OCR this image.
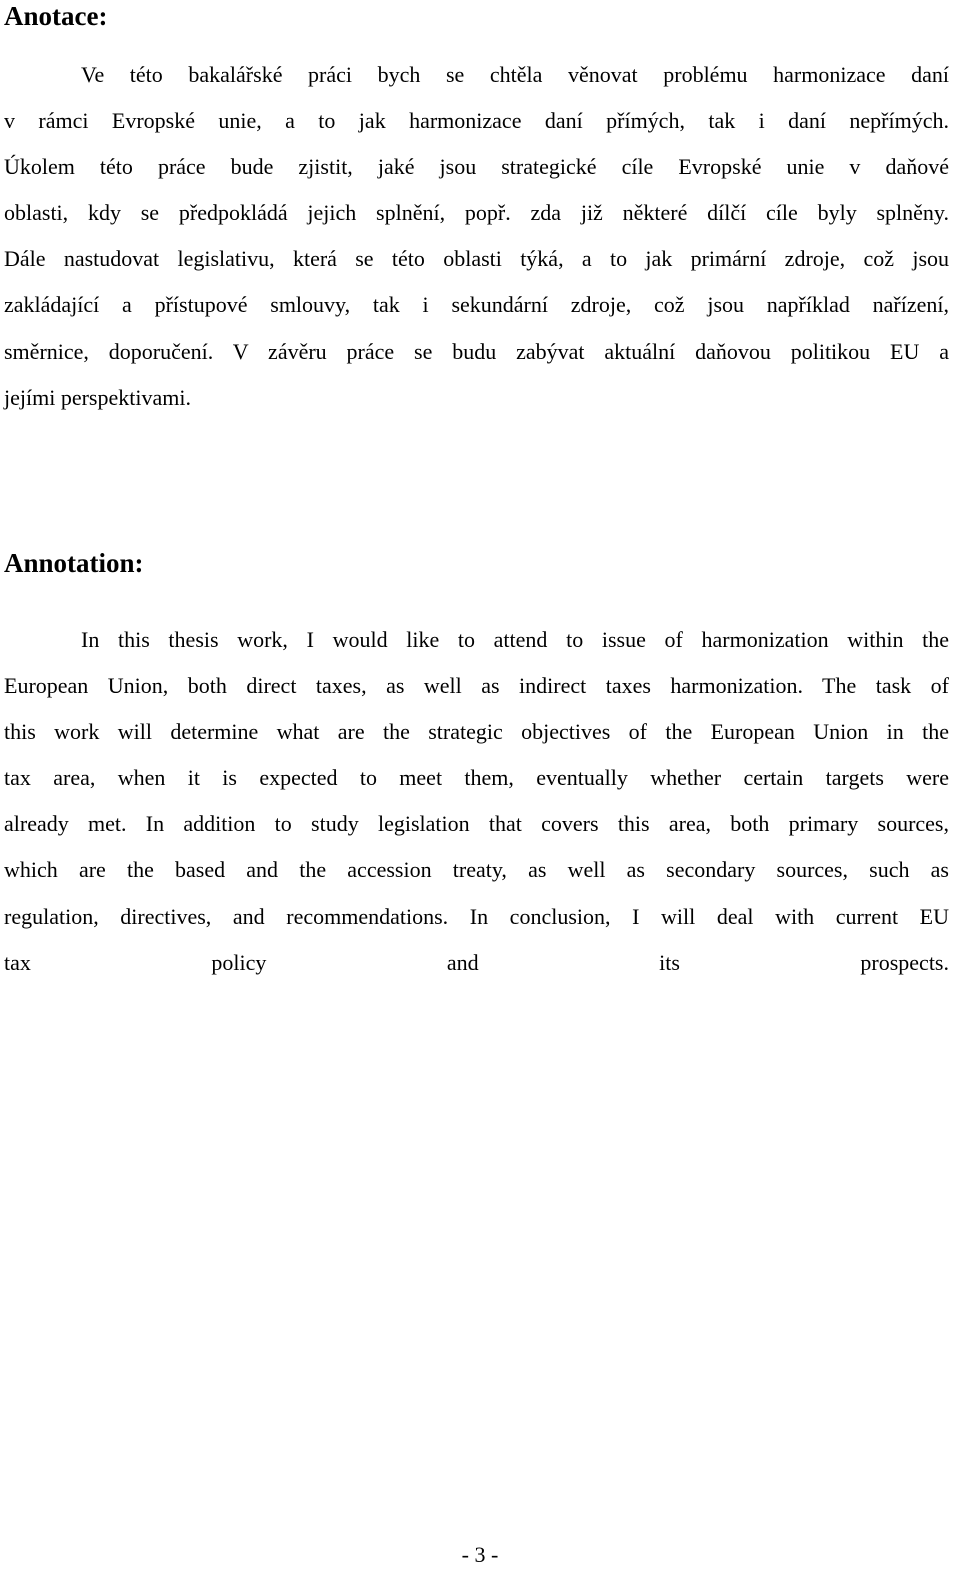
Anotace:
Ve této bakalářské práci bych se chtěla věnovat problému harmonizace daní
v rámci Evropské unie, a to jak harmonizace daní přímých, tak i daní nepřímých.
Úkolem této práce bude zjistit, jaké jsou strategické cíle Evropské unie v daňové
oblasti, kdy se předpokládá jejich splnění, popř. zda již některé dílčí cíle byly splněny.
Dále nastudovat legislativu, která se této oblasti týká, a to jak primární zdroje, což jsou
zakládající a přístupové smlouvy, tak i sekundární zdroje, což jsou například nařízení,
směrnice, doporučení. V závěru práce se budu zabývat aktuální daňovou politikou EU a
jejími perspektivami.
Annotation:
In this thesis work, I would like to attend to issue of harmonization within the
European Union, both direct taxes, as well as indirect taxes harmonization. The task of
this work will determine what are the strategic objectives of the European Union in the
tax area, when it is expected to meet them, eventually whether certain targets were
already met. In addition to study legislation that covers this area, both primary sources,
which are the based and the accession treaty, as well as secondary sources, such as
regulation, directives, and recommendations. In conclusion, I will deal with current EU
tax policy and its prospects.
- 3 -
